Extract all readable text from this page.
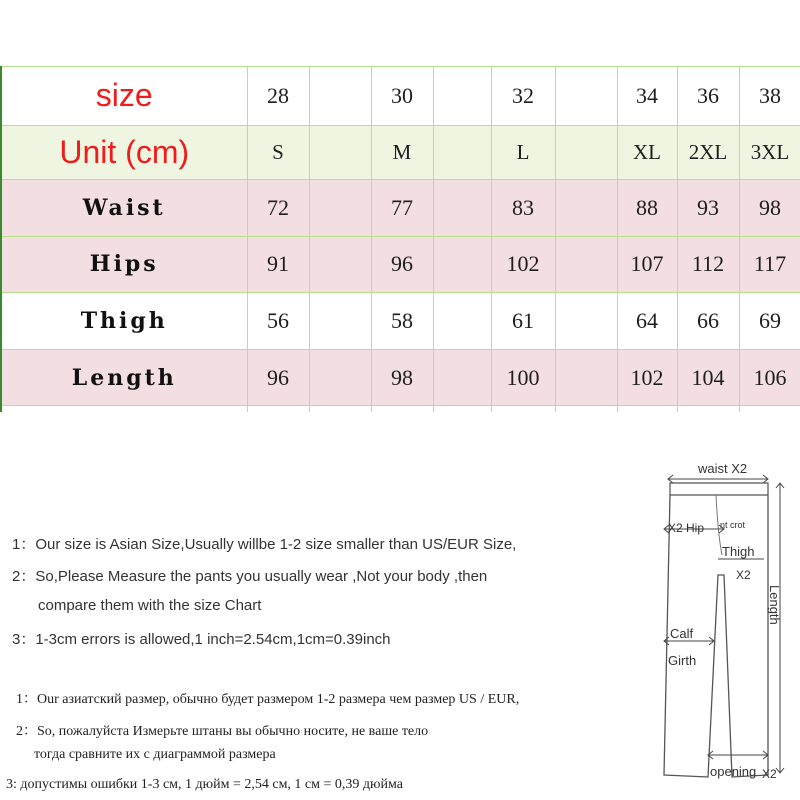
size	28		30		32		34	36	38
Unit (cm)	S		M		L		XL	2XL	3XL
Waist	72		77		83		88	93	98
Hips	91		96		102		107	112	117
Thigh	56		58		61		64	66	69
Length	96		98		100		102	104	106

1：Our size is Asian Size,Usually willbe 1-2 size smaller than US/EUR Size,
2：So,Please Measure the pants you usually wear ,Not your body ,then
compare them with the size Chart
3：1-3cm errors is allowed,1 inch=2.54cm,1cm=0.39inch
1：Our азиатский размер, обычно будет размером 1-2 размера чем размер US / EUR,
2：So, пожалуйста Измерьте штаны вы обычно носите, не ваше тело
тогда сравните их с диаграммой размера
3: допустимы ошибки 1-3 см, 1 дюйм = 2,54 см, 1 см = 0,39 дюйма
waist X2
X2 Hip nt crot
Thigh
X2
Length
Calf
Girth
opening X2
